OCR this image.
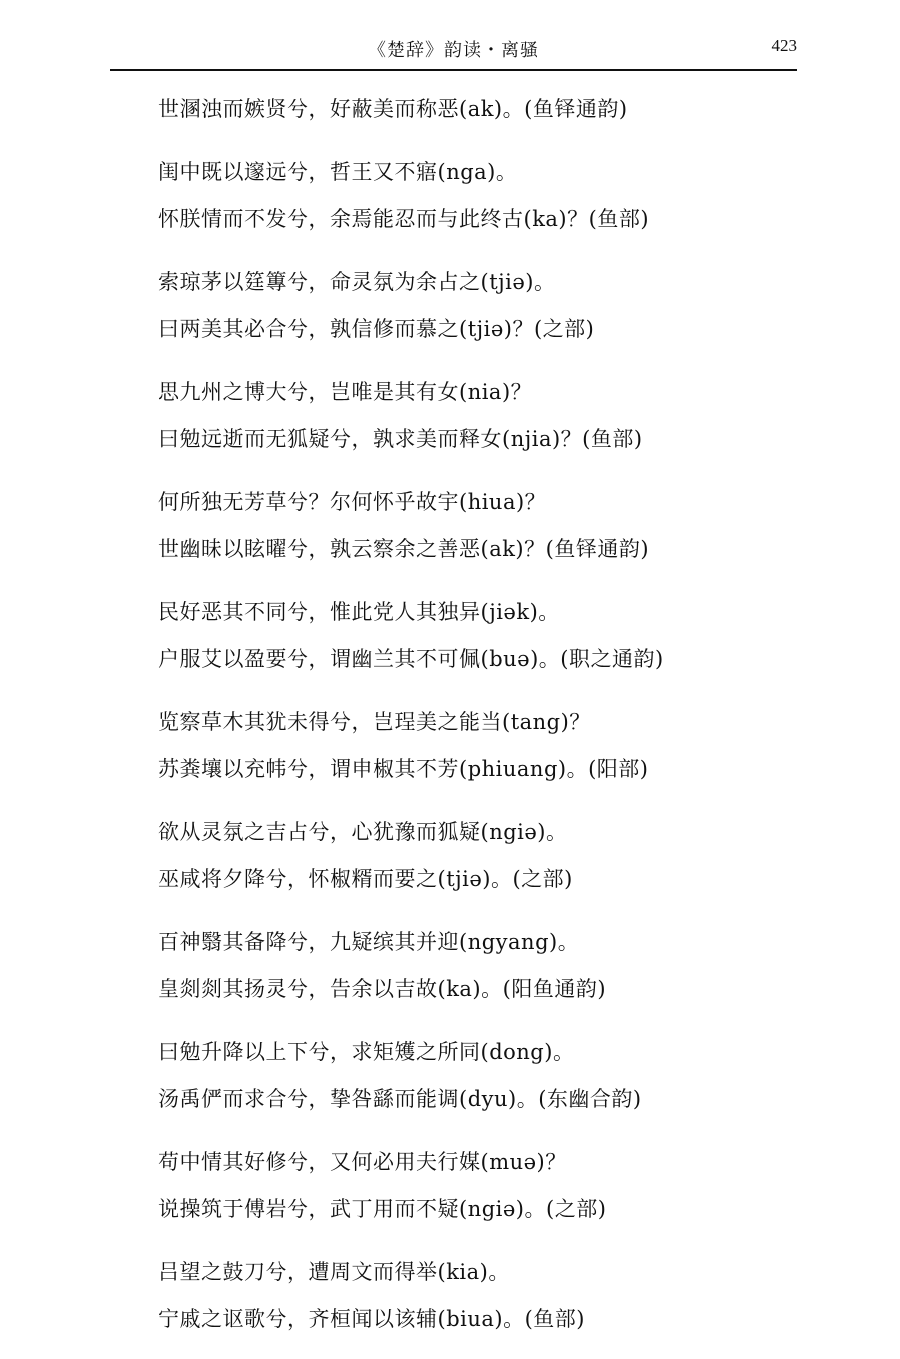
《楚辞》韵读・离骚	423
世溷浊而嫉贤兮，好蔽美而称恶(ak)。(鱼铎通韵)
闺中既以邃远兮，哲王又不寤(nga)。
怀朕情而不发兮，余焉能忍而与此终古(ka)？(鱼部)
索琼茅以筳篿兮，命灵氛为余占之(tjiə)。
曰两美其必合兮，孰信修而慕之(tjiə)？(之部)
思九州之博大兮，岂唯是其有女(nia)？
曰勉远逝而无狐疑兮，孰求美而释女(njia)？(鱼部)
何所独无芳草兮？尔何怀乎故宇(hiua)？
世幽昧以眩曜兮，孰云察余之善恶(ak)？(鱼铎通韵)
民好恶其不同兮，惟此党人其独异(jiək)。
户服艾以盈要兮，谓幽兰其不可佩(buə)。(职之通韵)
览察草木其犹未得兮，岂珵美之能当(tang)？
苏粪壤以充帏兮，谓申椒其不芳(phiuang)。(阳部)
欲从灵氛之吉占兮，心犹豫而狐疑(ngiə)。
巫咸将夕降兮，怀椒糈而要之(tjiə)。(之部)
百神翳其备降兮，九疑缤其并迎(ngyang)。
皇剡剡其扬灵兮，告余以吉故(ka)。(阳鱼通韵)
曰勉升降以上下兮，求矩矱之所同(dong)。
汤禹俨而求合兮，挚咎繇而能调(dyu)。(东幽合韵)
苟中情其好修兮，又何必用夫行媒(muə)？
说操筑于傅岩兮，武丁用而不疑(ngiə)。(之部)
吕望之鼓刀兮，遭周文而得举(kia)。
宁戚之讴歌兮，齐桓闻以该辅(biua)。(鱼部)
